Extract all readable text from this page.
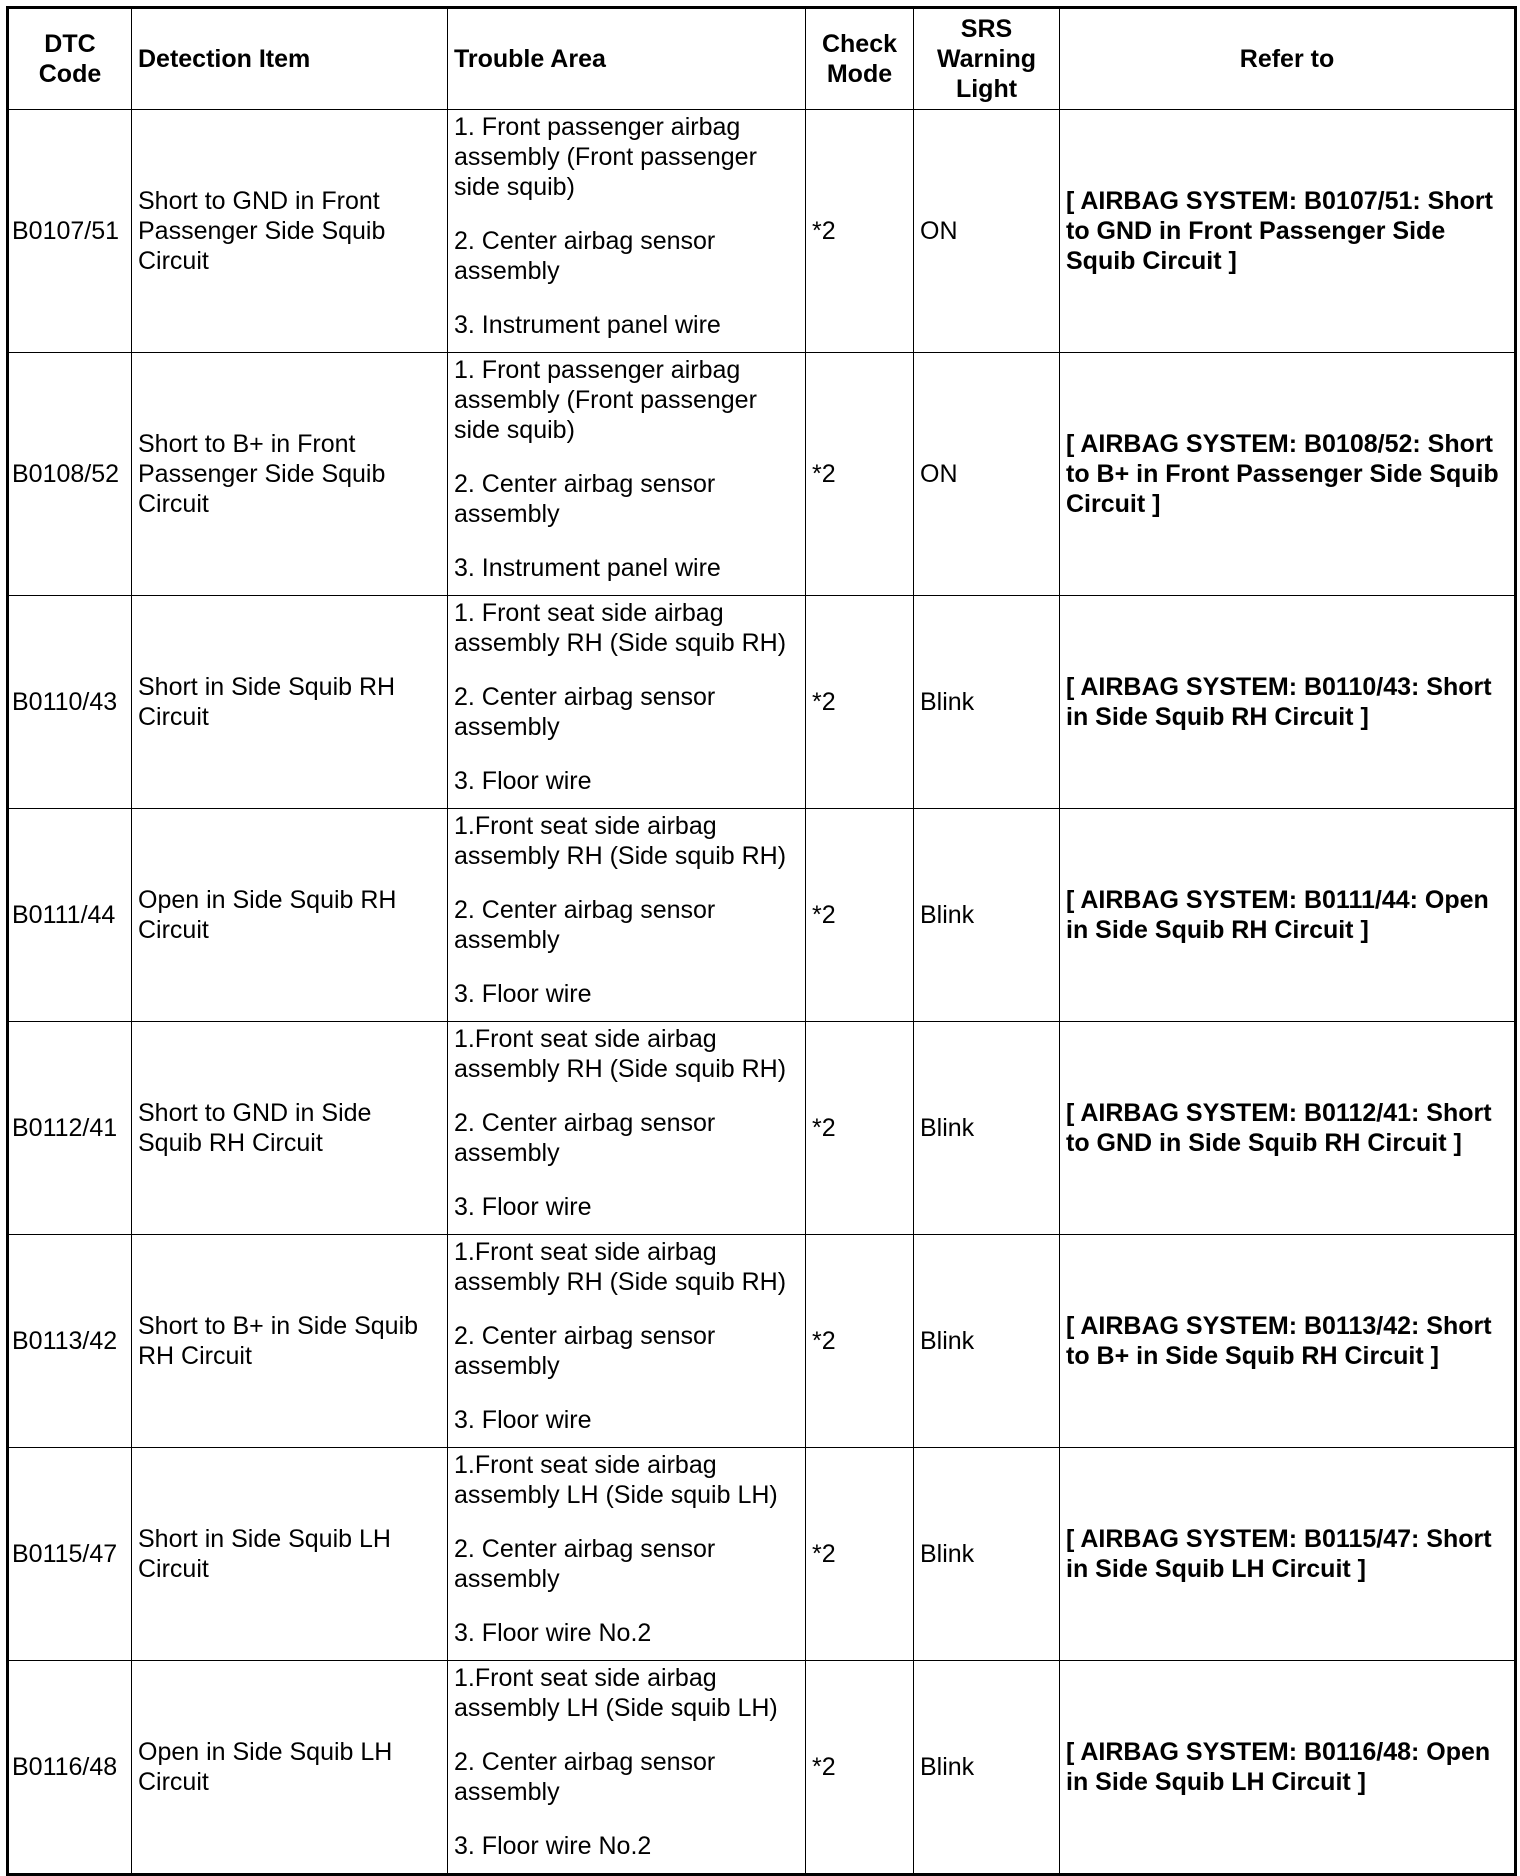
DTC Code	Detection Item	Trouble Area	Check Mode	SRS Warning Light	Refer to
B0107/51	Short to GND in Front Passenger Side Squib Circuit	1. Front passenger airbag assembly (Front passenger side squib)
2. Center airbag sensor assembly
3. Instrument panel wire	*2	ON	[ AIRBAG SYSTEM: B0107/51: Short to GND in Front Passenger Side Squib Circuit ]
B0108/52	Short to B+ in Front Passenger Side Squib Circuit	1. Front passenger airbag assembly (Front passenger side squib)
2. Center airbag sensor assembly
3. Instrument panel wire	*2	ON	[ AIRBAG SYSTEM: B0108/52: Short to B+ in Front Passenger Side Squib Circuit ]
B0110/43	Short in Side Squib RH Circuit	1. Front seat side airbag assembly RH (Side squib RH)
2. Center airbag sensor assembly
3. Floor wire	*2	Blink	[ AIRBAG SYSTEM: B0110/43: Short in Side Squib RH Circuit ]
B0111/44	Open in Side Squib RH Circuit	1.Front seat side airbag assembly RH (Side squib RH)
2. Center airbag sensor assembly
3. Floor wire	*2	Blink	[ AIRBAG SYSTEM: B0111/44: Open in Side Squib RH Circuit ]
B0112/41	Short to GND in Side Squib RH Circuit	1.Front seat side airbag assembly RH (Side squib RH)
2. Center airbag sensor assembly
3. Floor wire	*2	Blink	[ AIRBAG SYSTEM: B0112/41: Short to GND in Side Squib RH Circuit ]
B0113/42	Short to B+ in Side Squib RH Circuit	1.Front seat side airbag assembly RH (Side squib RH)
2. Center airbag sensor assembly
3. Floor wire	*2	Blink	[ AIRBAG SYSTEM: B0113/42: Short to B+ in Side Squib RH Circuit ]
B0115/47	Short in Side Squib LH Circuit	1.Front seat side airbag assembly LH (Side squib LH)
2. Center airbag sensor assembly
3. Floor wire No.2	*2	Blink	[ AIRBAG SYSTEM: B0115/47: Short in Side Squib LH Circuit ]
B0116/48	Open in Side Squib LH Circuit	1.Front seat side airbag assembly LH (Side squib LH)
2. Center airbag sensor assembly
3. Floor wire No.2	*2	Blink	[ AIRBAG SYSTEM: B0116/48: Open in Side Squib LH Circuit ]
